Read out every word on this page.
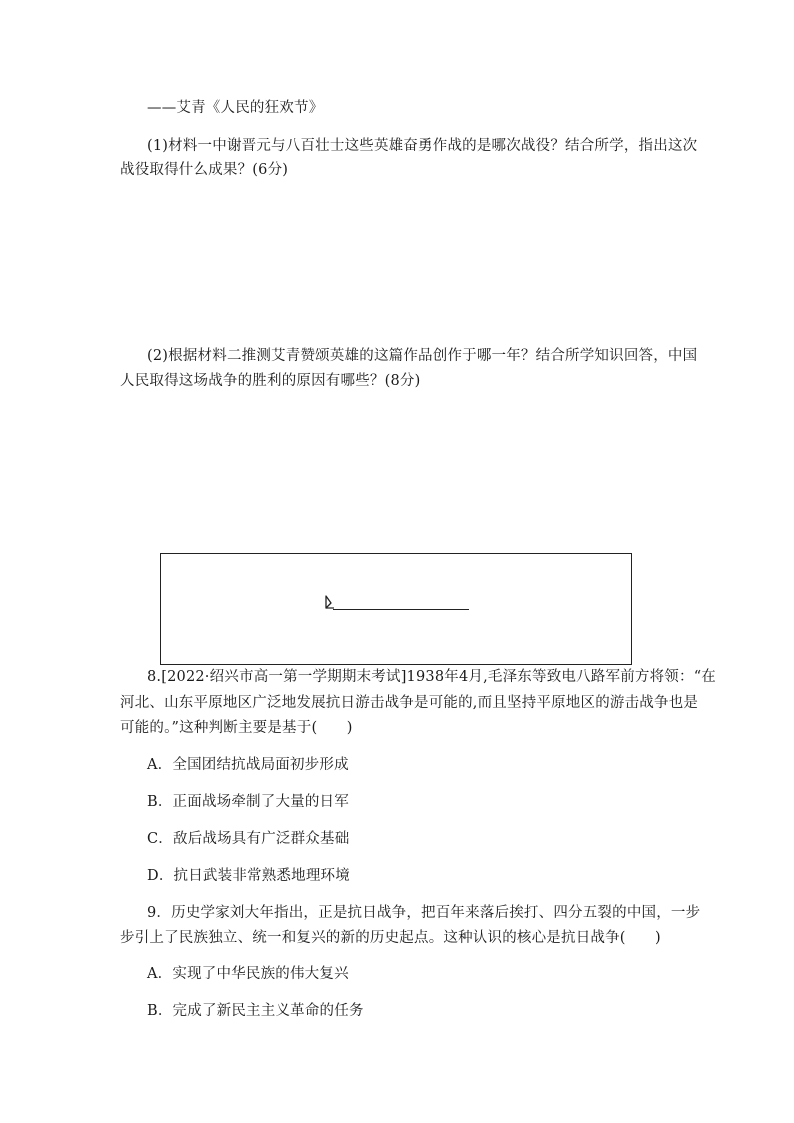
——艾青《人民的狂欢节》
(1)材料一中谢晋元与八百壮士这些英雄奋勇作战的是哪次战役？结合所学，指出这次
战役取得什么成果？(6分)
(2)根据材料二推测艾青赞颂英雄的这篇作品创作于哪一年？结合所学知识回答，中国
人民取得这场战争的胜利的原因有哪些？(8分)
8.[2022·绍兴市高一第一学期期末考试]1938年4月,毛泽东等致电八路军前方将领：“在
河北、山东平原地区广泛地发展抗日游击战争是可能的,而且坚持平原地区的游击战争也是
可能的。”这种判断主要是基于(　　)
A．全国团结抗战局面初步形成
B．正面战场牵制了大量的日军
C．敌后战场具有广泛群众基础
D．抗日武装非常熟悉地理环境
9．历史学家刘大年指出，正是抗日战争，把百年来落后挨打、四分五裂的中国，一步
步引上了民族独立、统一和复兴的新的历史起点。这种认识的核心是抗日战争(　　)
A．实现了中华民族的伟大复兴
B．完成了新民主主义革命的任务
